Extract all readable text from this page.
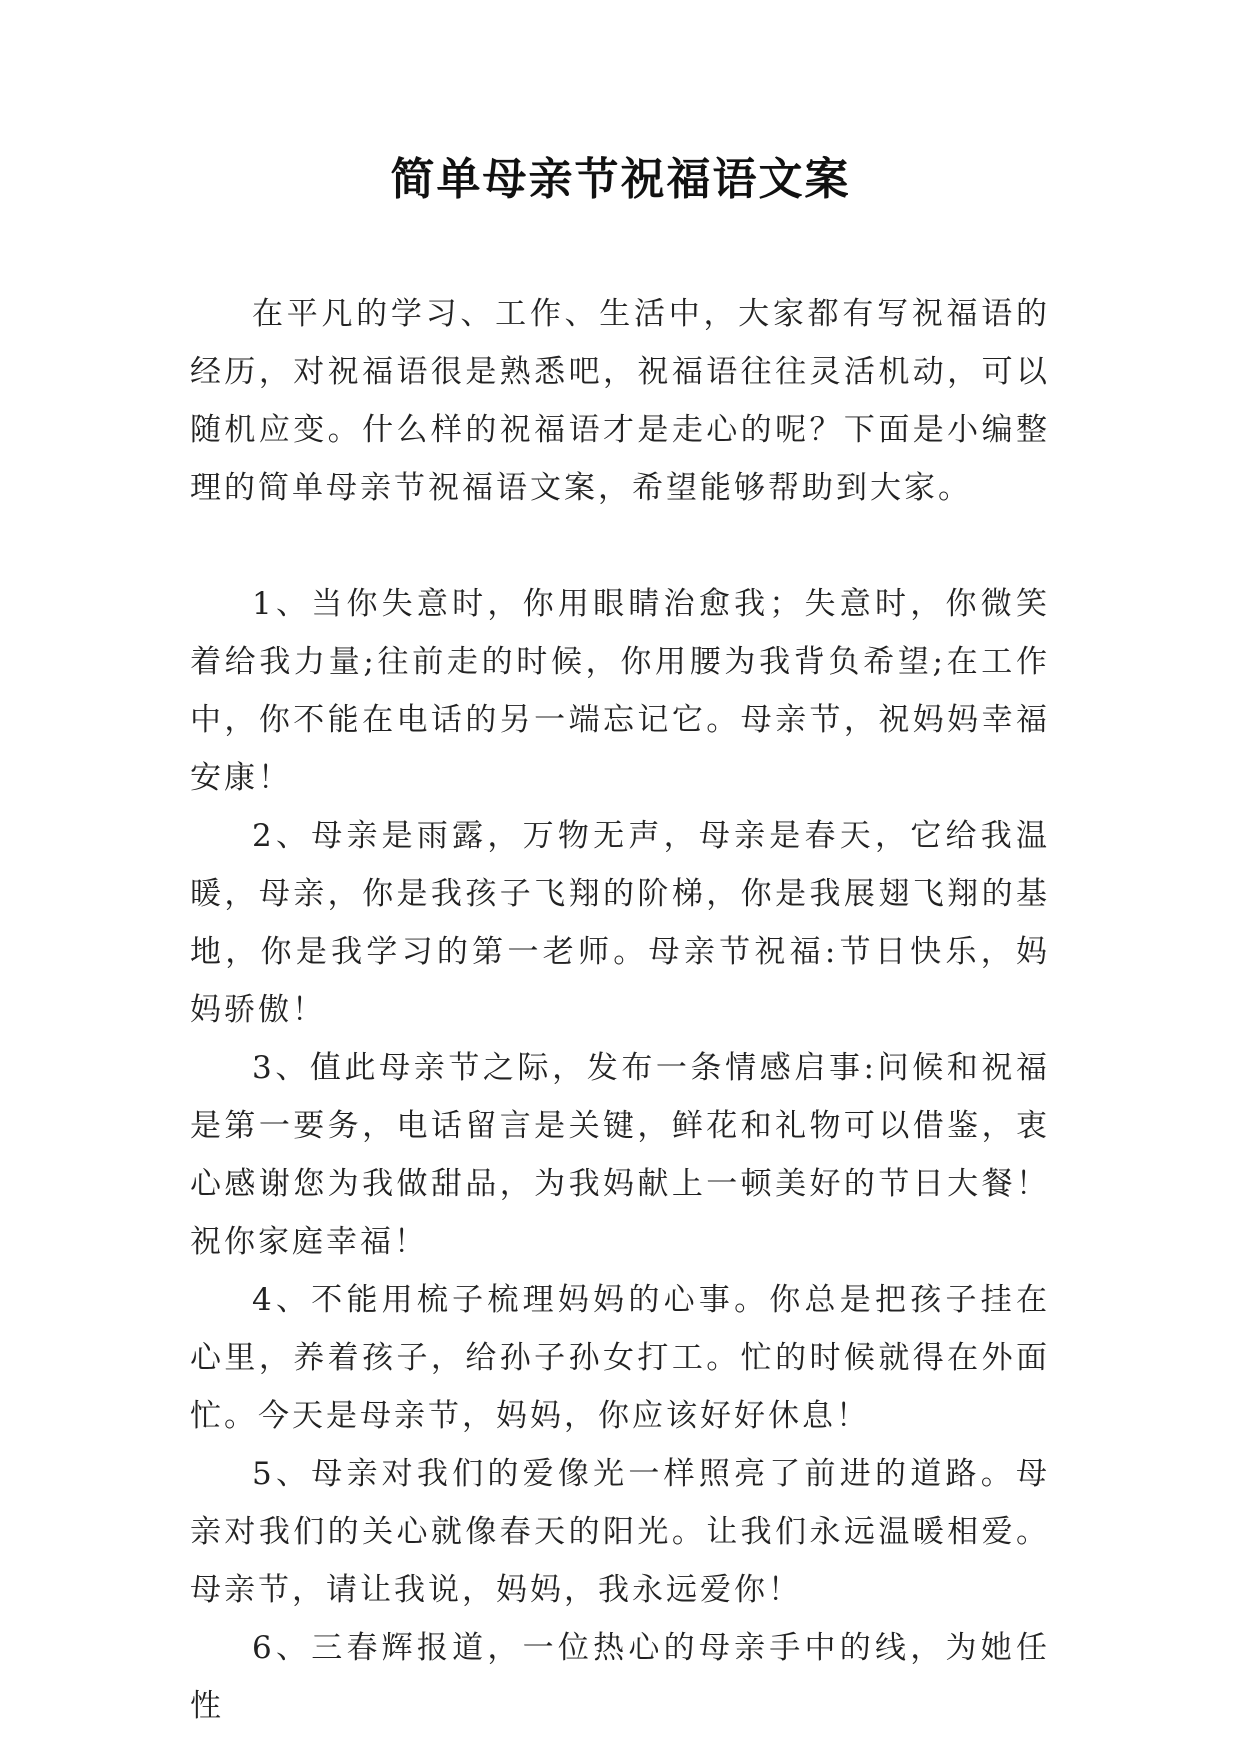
简单母亲节祝福语文案

在平凡的学习、工作、生活中，大家都有写祝福语的经历，对祝福语很是熟悉吧，祝福语往往灵活机动，可以随机应变。什么样的祝福语才是走心的呢？下面是小编整理的简单母亲节祝福语文案，希望能够帮助到大家。

1、当你失意时，你用眼睛治愈我；失意时，你微笑着给我力量;往前走的时候，你用腰为我背负希望;在工作中，你不能在电话的另一端忘记它。母亲节，祝妈妈幸福安康！

2、母亲是雨露，万物无声，母亲是春天，它给我温暖，母亲，你是我孩子飞翔的阶梯，你是我展翅飞翔的基地，你是我学习的第一老师。母亲节祝福:节日快乐，妈妈骄傲！

3、值此母亲节之际，发布一条情感启事:问候和祝福是第一要务，电话留言是关键，鲜花和礼物可以借鉴，衷心感谢您为我做甜品，为我妈献上一顿美好的节日大餐！祝你家庭幸福！

4、不能用梳子梳理妈妈的心事。你总是把孩子挂在心里，养着孩子，给孙子孙女打工。忙的时候就得在外面忙。今天是母亲节，妈妈，你应该好好休息！

5、母亲对我们的爱像光一样照亮了前进的道路。母亲对我们的关心就像春天的阳光。让我们永远温暖相爱。母亲节，请让我说，妈妈，我永远爱你！

6、三春辉报道，一位热心的母亲手中的线，为她任性
